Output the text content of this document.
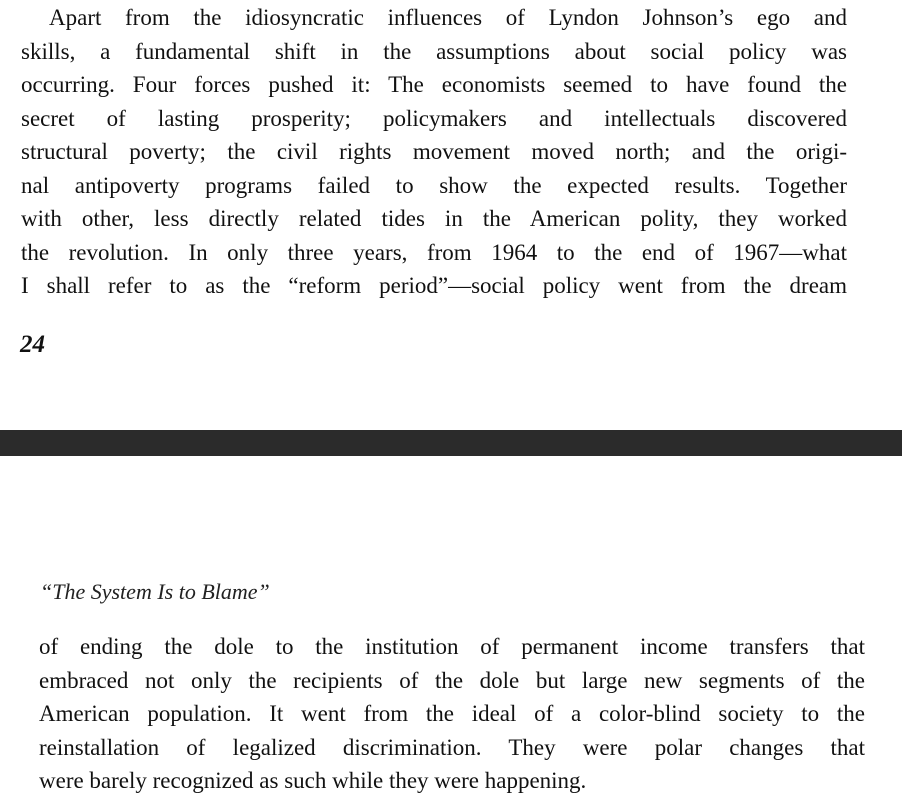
Apart from the idiosyncratic influences of Lyndon Johnson’s ego and
skills, a fundamental shift in the assumptions about social policy was
occurring. Four forces pushed it: The economists seemed to have found the
secret of lasting prosperity; policymakers and intellectuals discovered
structural poverty; the civil rights movement moved north; and the origi-
nal antipoverty programs failed to show the expected results. Together
with other, less directly related tides in the American polity, they worked
the revolution. In only three years, from 1964 to the end of 1967—what
I shall refer to as the “reform period”—social policy went from the dream
24
“The System Is to Blame”
of ending the dole to the institution of permanent income transfers that
embraced not only the recipients of the dole but large new segments of the
American population. It went from the ideal of a color-blind society to the
reinstallation of legalized discrimination. They were polar changes that
were barely recognized as such while they were happening.
